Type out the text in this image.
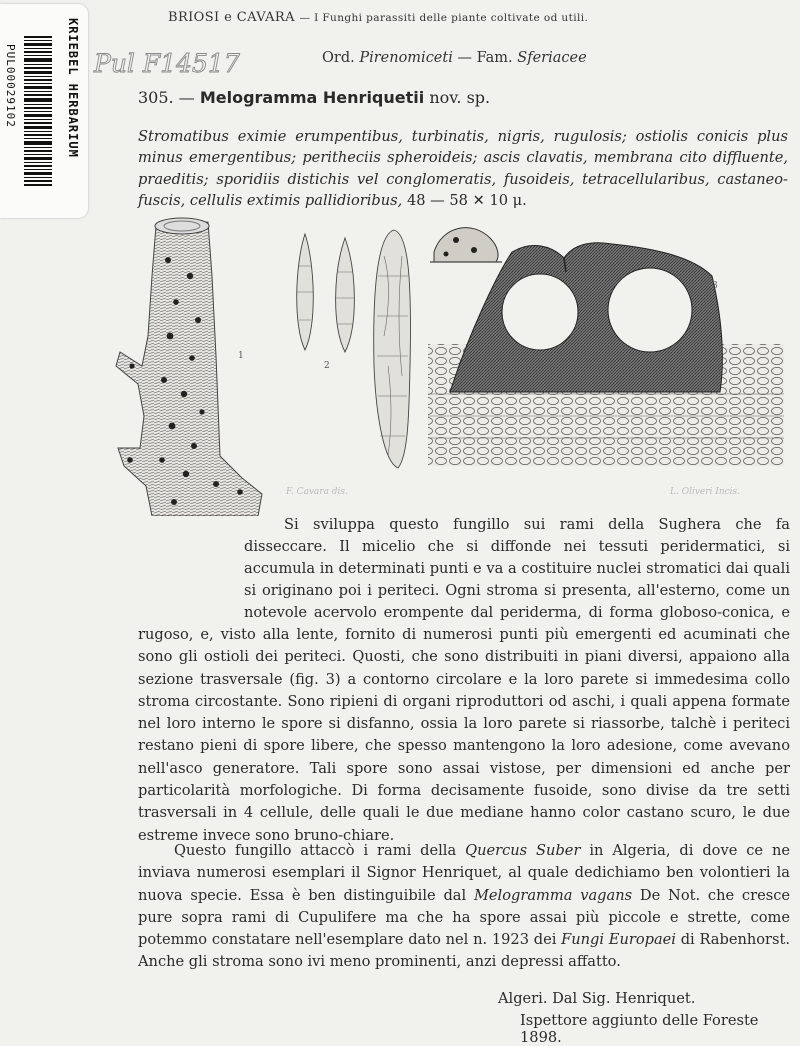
KRIEBEL HERBARIUM
PUL00029102	Pul F14517
BRIOSI e CAVARA — I Funghi parassiti delle piante coltivate od utili.
Ord. Pirenomiceti — Fam. Sferiacee
305. — Melogramma Henriquetii nov. sp.
Stromatibus eximie erumpentibus, turbinatis, nigris, rugulosis; ostiolis conicis plus minus emergentibus; peritheciis spheroideis; ascis clavatis, membrana cito diffluente, praeditis; sporidiis distichis vel conglomeratis, fusoideis, tetracellularibus, castaneo-fuscis, cellulis extimis pallidioribus, 48 — 58 ✕ 10 μ.
1
2
3
F. Cavara dis.	L. Oliveri Incis.
Si sviluppa questo fungillo sui rami della Sughera che fa disseccare. Il micelio che si diffonde nei tessuti peridermatici, si accumula in determinati punti e va a costituire nuclei stromatici dai quali si originano poi i periteci. Ogni stroma si presenta, all'esterno, come un notevole acervolo erompente dal periderma, di forma globoso-conica, e
rugoso, e, visto alla lente, fornito di numerosi punti più emergenti ed acuminati che sono gli ostioli dei periteci. Quosti, che sono distribuiti in piani diversi, appaiono alla sezione trasversale (fig. 3) a contorno circolare e la loro parete si immedesima collo stroma circostante. Sono ripieni di organi riproduttori od aschi, i quali appena formate nel loro interno le spore si disfanno, ossia la loro parete si riassorbe, talchè i periteci restano pieni di spore libere, che spesso mantengono la loro adesione, come avevano nell'asco generatore. Tali spore sono assai vistose, per dimensioni ed anche per particolarità morfologiche. Di forma decisamente fusoide, sono divise da tre setti trasversali in 4 cellule, delle quali le due mediane hanno color castano scuro, le due estreme invece sono bruno-chiare.
Questo fungillo attaccò i rami della Quercus Suber in Algeria, di dove ce ne inviava numerosi esemplari il Signor Henriquet, al quale dedichiamo ben volontieri la nuova specie. Essa è ben distinguibile dal Melogramma vagans De Not. che cresce pure sopra rami di Cupulifere ma che ha spore assai più piccole e strette, come potemmo constatare nell'esemplare dato nel n. 1923 dei Fungi Europaei di Rabenhorst. Anche gli stroma sono ivi meno prominenti, anzi depressi affatto.
Algeri. Dal Sig. Henriquet.
Ispettore aggiunto delle Foreste 1898.
